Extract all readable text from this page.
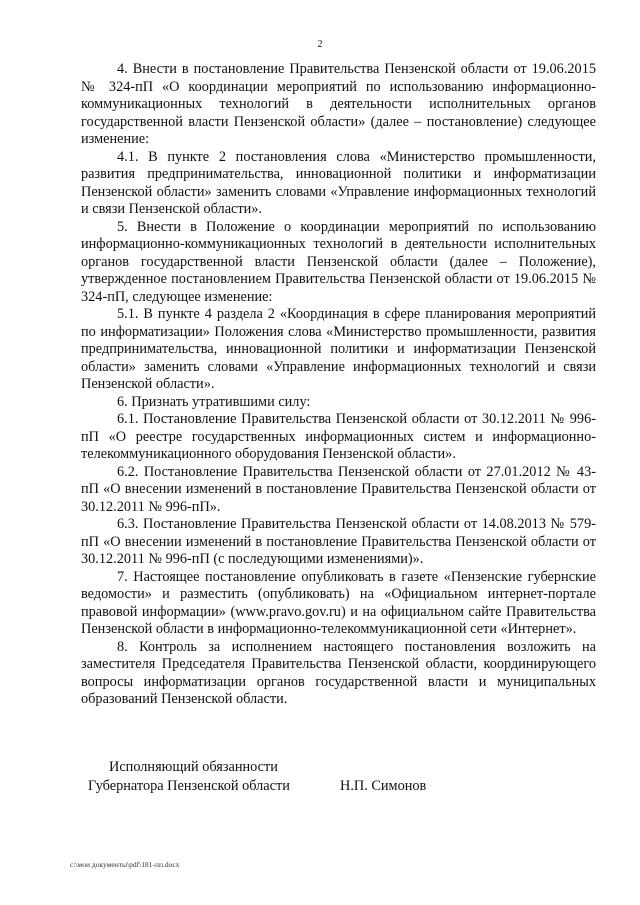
2

4. Внести в постановление Правительства Пензенской области от 19.06.2015 № 324-пП «О координации мероприятий по использованию информационно-коммуникационных технологий в деятельности исполнительных органов государственной власти Пензенской области» (далее – постановление) следующее изменение:

4.1. В пункте 2 постановления слова «Министерство промышленности, развития предпринимательства, инновационной политики и информатизации Пензенской области» заменить словами «Управление информационных технологий и связи Пензенской области».

5. Внести в Положение о координации мероприятий по использованию информационно-коммуникационных технологий в деятельности исполнительных органов государственной власти Пензенской области (далее – Положение), утвержденное постановлением Правительства Пензенской области от 19.06.2015 № 324-пП, следующее изменение:

5.1. В пункте 4 раздела 2 «Координация в сфере планирования мероприятий по информатизации» Положения слова «Министерство промышленности, развития предпринимательства, инновационной политики и информатизации Пензенской области» заменить словами «Управление информационных технологий и связи Пензенской области».

6. Признать утратившими силу:

6.1. Постановление Правительства Пензенской области от 30.12.2011 № 996-пП «О реестре государственных информационных систем и информационно-телекоммуникационного оборудования Пензенской области».

6.2. Постановление Правительства Пензенской области от 27.01.2012 № 43-пП «О внесении изменений в постановление Правительства Пензенской области от 30.12.2011 № 996-пП».

6.3. Постановление Правительства Пензенской области от 14.08.2013 № 579-пП «О внесении изменений в постановление Правительства Пензенской области от 30.12.2011 № 996-пП (с последующими изменениями)».

7. Настоящее постановление опубликовать в газете «Пензенские губернские ведомости» и разместить (опубликовать) на «Официальном интернет-портале правовой информации» (www.pravo.gov.ru) и на официальном сайте Правительства Пензенской области в информационно-телекоммуникационной сети «Интернет».

8. Контроль за исполнением настоящего постановления возложить на заместителя Председателя Правительства Пензенской области, координирующего вопросы информатизации органов государственной власти и муниципальных образований Пензенской области.

Исполняющий обязанности
Губернатора Пензенской области	Н.П. Симонов
c:\мои документы\pdf\181-пп.docx
